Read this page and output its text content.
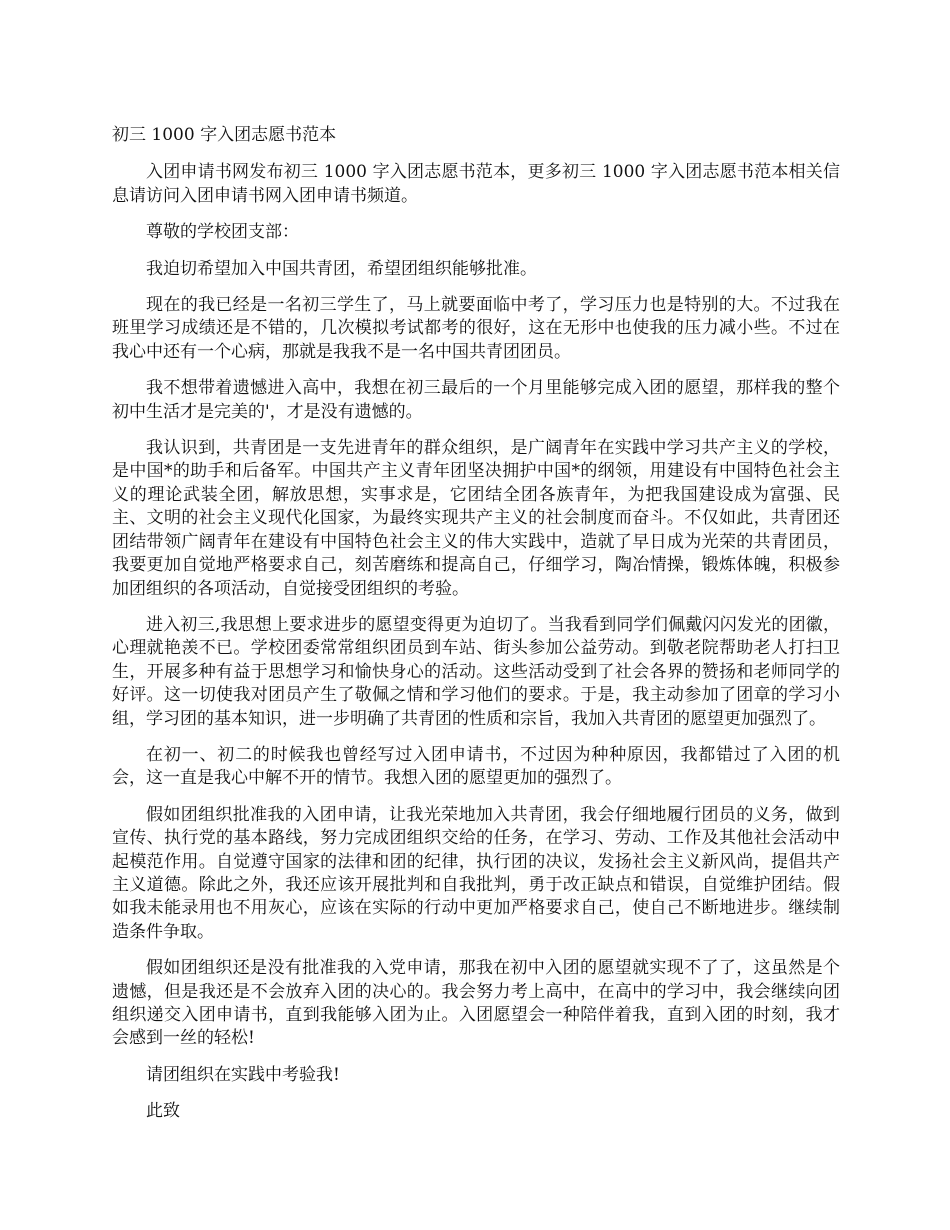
初三 1000 字入团志愿书范本

入团申请书网发布初三 1000 字入团志愿书范本，更多初三 1000 字入团志愿书范本相关信息请访问入团申请书网入团申请书频道。

尊敬的学校团支部：

我迫切希望加入中国共青团，希望团组织能够批准。

现在的我已经是一名初三学生了，马上就要面临中考了，学习压力也是特别的大。不过我在班里学习成绩还是不错的，几次模拟考试都考的很好，这在无形中也使我的压力减小些。不过在我心中还有一个心病，那就是我我不是一名中国共青团团员。

我不想带着遗憾进入高中，我想在初三最后的一个月里能够完成入团的愿望，那样我的整个初中生活才是完美的'，才是没有遗憾的。

我认识到，共青团是一支先进青年的群众组织，是广阔青年在实践中学习共产主义的学校，是中国*的助手和后备军。中国共产主义青年团坚决拥护中国*的纲领，用建设有中国特色社会主义的理论武装全团，解放思想，实事求是，它团结全团各族青年，为把我国建设成为富强、民主、文明的社会主义现代化国家，为最终实现共产主义的社会制度而奋斗。不仅如此，共青团还团结带领广阔青年在建设有中国特色社会主义的伟大实践中，造就了早日成为光荣的共青团员，我要更加自觉地严格要求自己，刻苦磨练和提高自己，仔细学习，陶冶情操，锻炼体魄，积极参加团组织的各项活动，自觉接受团组织的考验。

进入初三,我思想上要求进步的愿望变得更为迫切了。当我看到同学们佩戴闪闪发光的团徽，心理就艳羡不已。学校团委常常组织团员到车站、街头参加公益劳动。到敬老院帮助老人打扫卫生，开展多种有益于思想学习和愉快身心的活动。这些活动受到了社会各界的赞扬和老师同学的好评。这一切使我对团员产生了敬佩之情和学习他们的要求。于是，我主动参加了团章的学习小组，学习团的基本知识，进一步明确了共青团的性质和宗旨，我加入共青团的愿望更加强烈了。

在初一、初二的时候我也曾经写过入团申请书，不过因为种种原因，我都错过了入团的机会，这一直是我心中解不开的情节。我想入团的愿望更加的强烈了。

假如团组织批准我的入团申请，让我光荣地加入共青团，我会仔细地履行团员的义务，做到宣传、执行党的基本路线，努力完成团组织交给的任务，在学习、劳动、工作及其他社会活动中起模范作用。自觉遵守国家的法律和团的纪律，执行团的决议，发扬社会主义新风尚，提倡共产主义道德。除此之外，我还应该开展批判和自我批判，勇于改正缺点和错误，自觉维护团结。假如我未能录用也不用灰心，应该在实际的行动中更加严格要求自己，使自己不断地进步。继续制造条件争取。

假如团组织还是没有批准我的入党申请，那我在初中入团的愿望就实现不了了，这虽然是个遗憾，但是我还是不会放弃入团的决心的。我会努力考上高中，在高中的学习中，我会继续向团组织递交入团申请书，直到我能够入团为止。入团愿望会一种陪伴着我，直到入团的时刻，我才会感到一丝的轻松!

请团组织在实践中考验我!

此致
